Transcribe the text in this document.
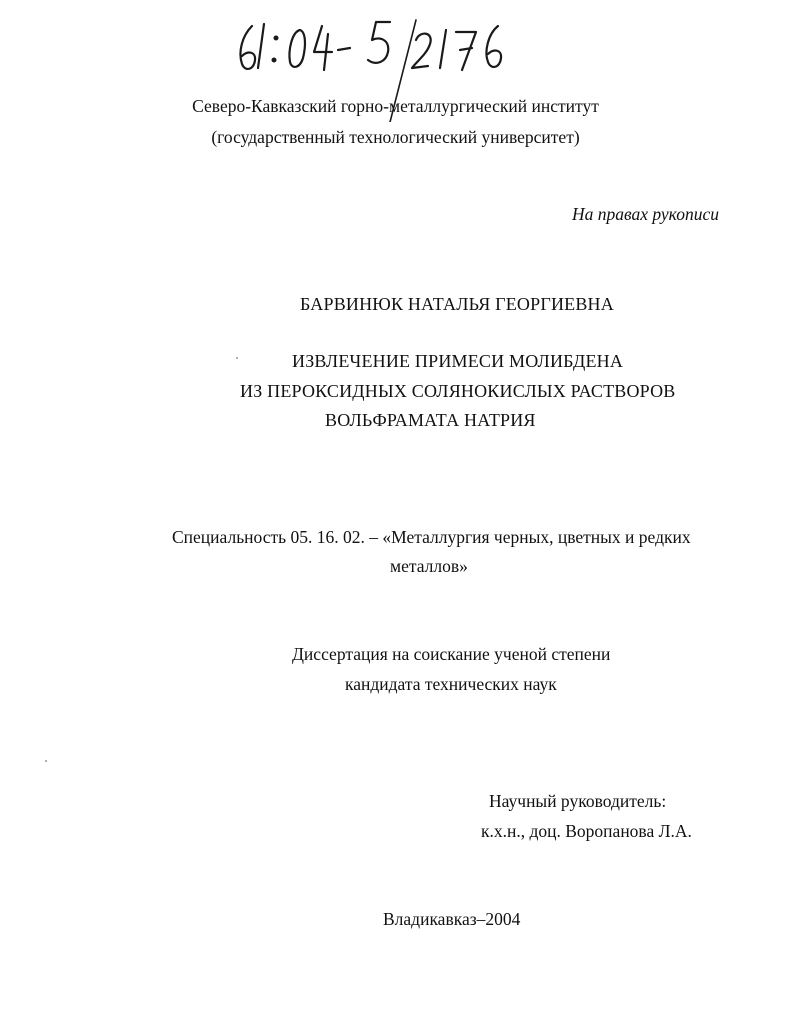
Северо-Кавказский горно-металлургический институт
(государственный технологический университет)
На правах рукописи
БАРВИНЮК НАТАЛЬЯ ГЕОРГИЕВНА
ИЗВЛЕЧЕНИЕ ПРИМЕСИ МОЛИБДЕНА
ИЗ ПЕРОКСИДНЫХ СОЛЯНОКИСЛЫХ РАСТВОРОВ
ВОЛЬФРАМАТА НАТРИЯ
Специальность 05. 16. 02. – «Металлургия черных, цветных и редких
металлов»
Диссертация на соискание ученой степени
кандидата технических наук
Научный руководитель:
к.х.н., доц. Воропанова Л.А.
Владикавказ–2004
